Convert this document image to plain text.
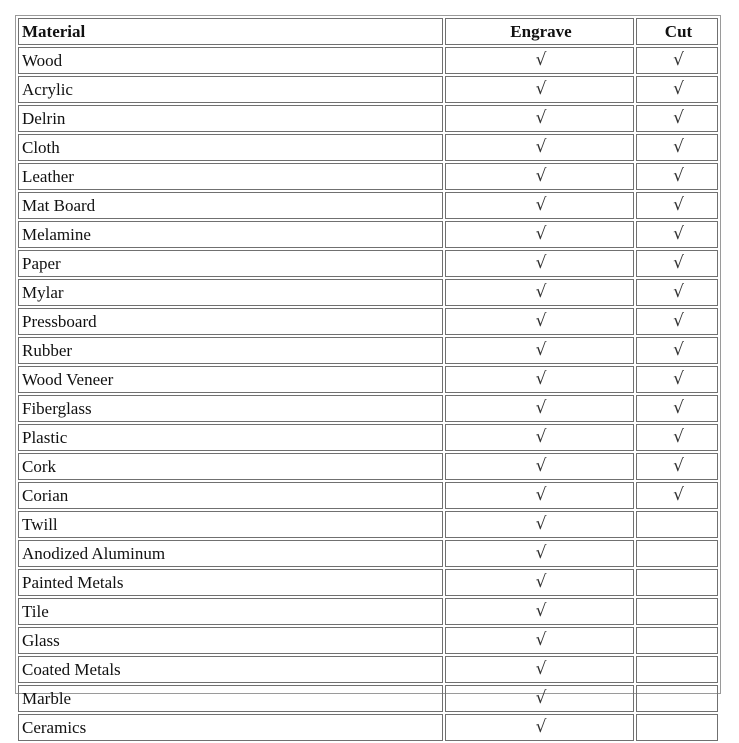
Material	Engrave	Cut
Wood	√	√
Acrylic	√	√
Delrin	√	√
Cloth	√	√
Leather	√	√
Mat Board	√	√
Melamine	√	√
Paper	√	√
Mylar	√	√
Pressboard	√	√
Rubber	√	√
Wood Veneer	√	√
Fiberglass	√	√
Plastic	√	√
Cork	√	√
Corian	√	√
Twill	√	
Anodized Aluminum	√	
Painted Metals	√	
Tile	√	
Glass	√	
Coated Metals	√	
Marble	√	
Ceramics	√	
